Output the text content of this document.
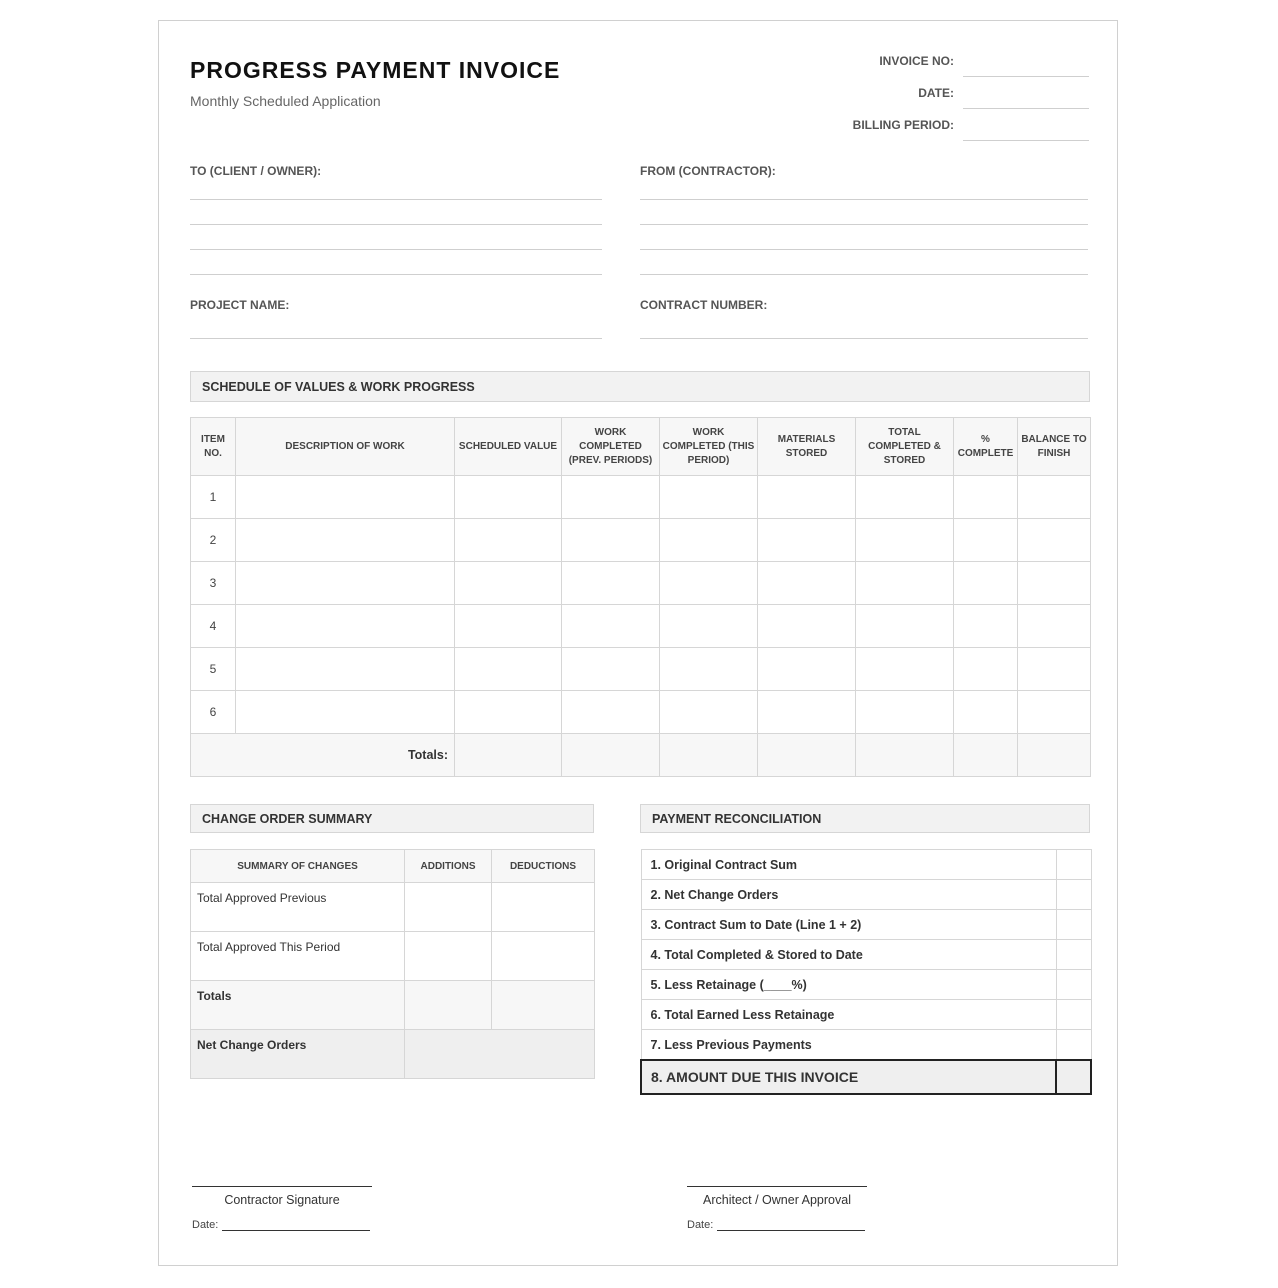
PROGRESS PAYMENT INVOICE
Monthly Scheduled Application
INVOICE NO:
DATE:
BILLING PERIOD:
TO (CLIENT / OWNER):	FROM (CONTRACTOR):
PROJECT NAME:	CONTRACT NUMBER:
SCHEDULE OF VALUES & WORK PROGRESS
ITEM NO.	DESCRIPTION OF WORK	SCHEDULED VALUE	WORK COMPLETED (PREV. PERIODS)	WORK COMPLETED (THIS PERIOD)	MATERIALS STORED	TOTAL COMPLETED & STORED	% COMPLETE	BALANCE TO FINISH
1								
2								
3								
4								
5								
6								
Totals:								
CHANGE ORDER SUMMARY
SUMMARY OF CHANGES	ADDITIONS	DEDUCTIONS
Total Approved Previous		
Total Approved This Period		
Totals		
Net Change Orders		
PAYMENT RECONCILIATION
1. Original Contract Sum	
2. Net Change Orders	
3. Contract Sum to Date (Line 1 + 2)	
4. Total Completed & Stored to Date	
5. Less Retainage (____%)	
6. Total Earned Less Retainage	
7. Less Previous Payments	
8. AMOUNT DUE THIS INVOICE	
Contractor Signature
Date:
Architect / Owner Approval
Date:
